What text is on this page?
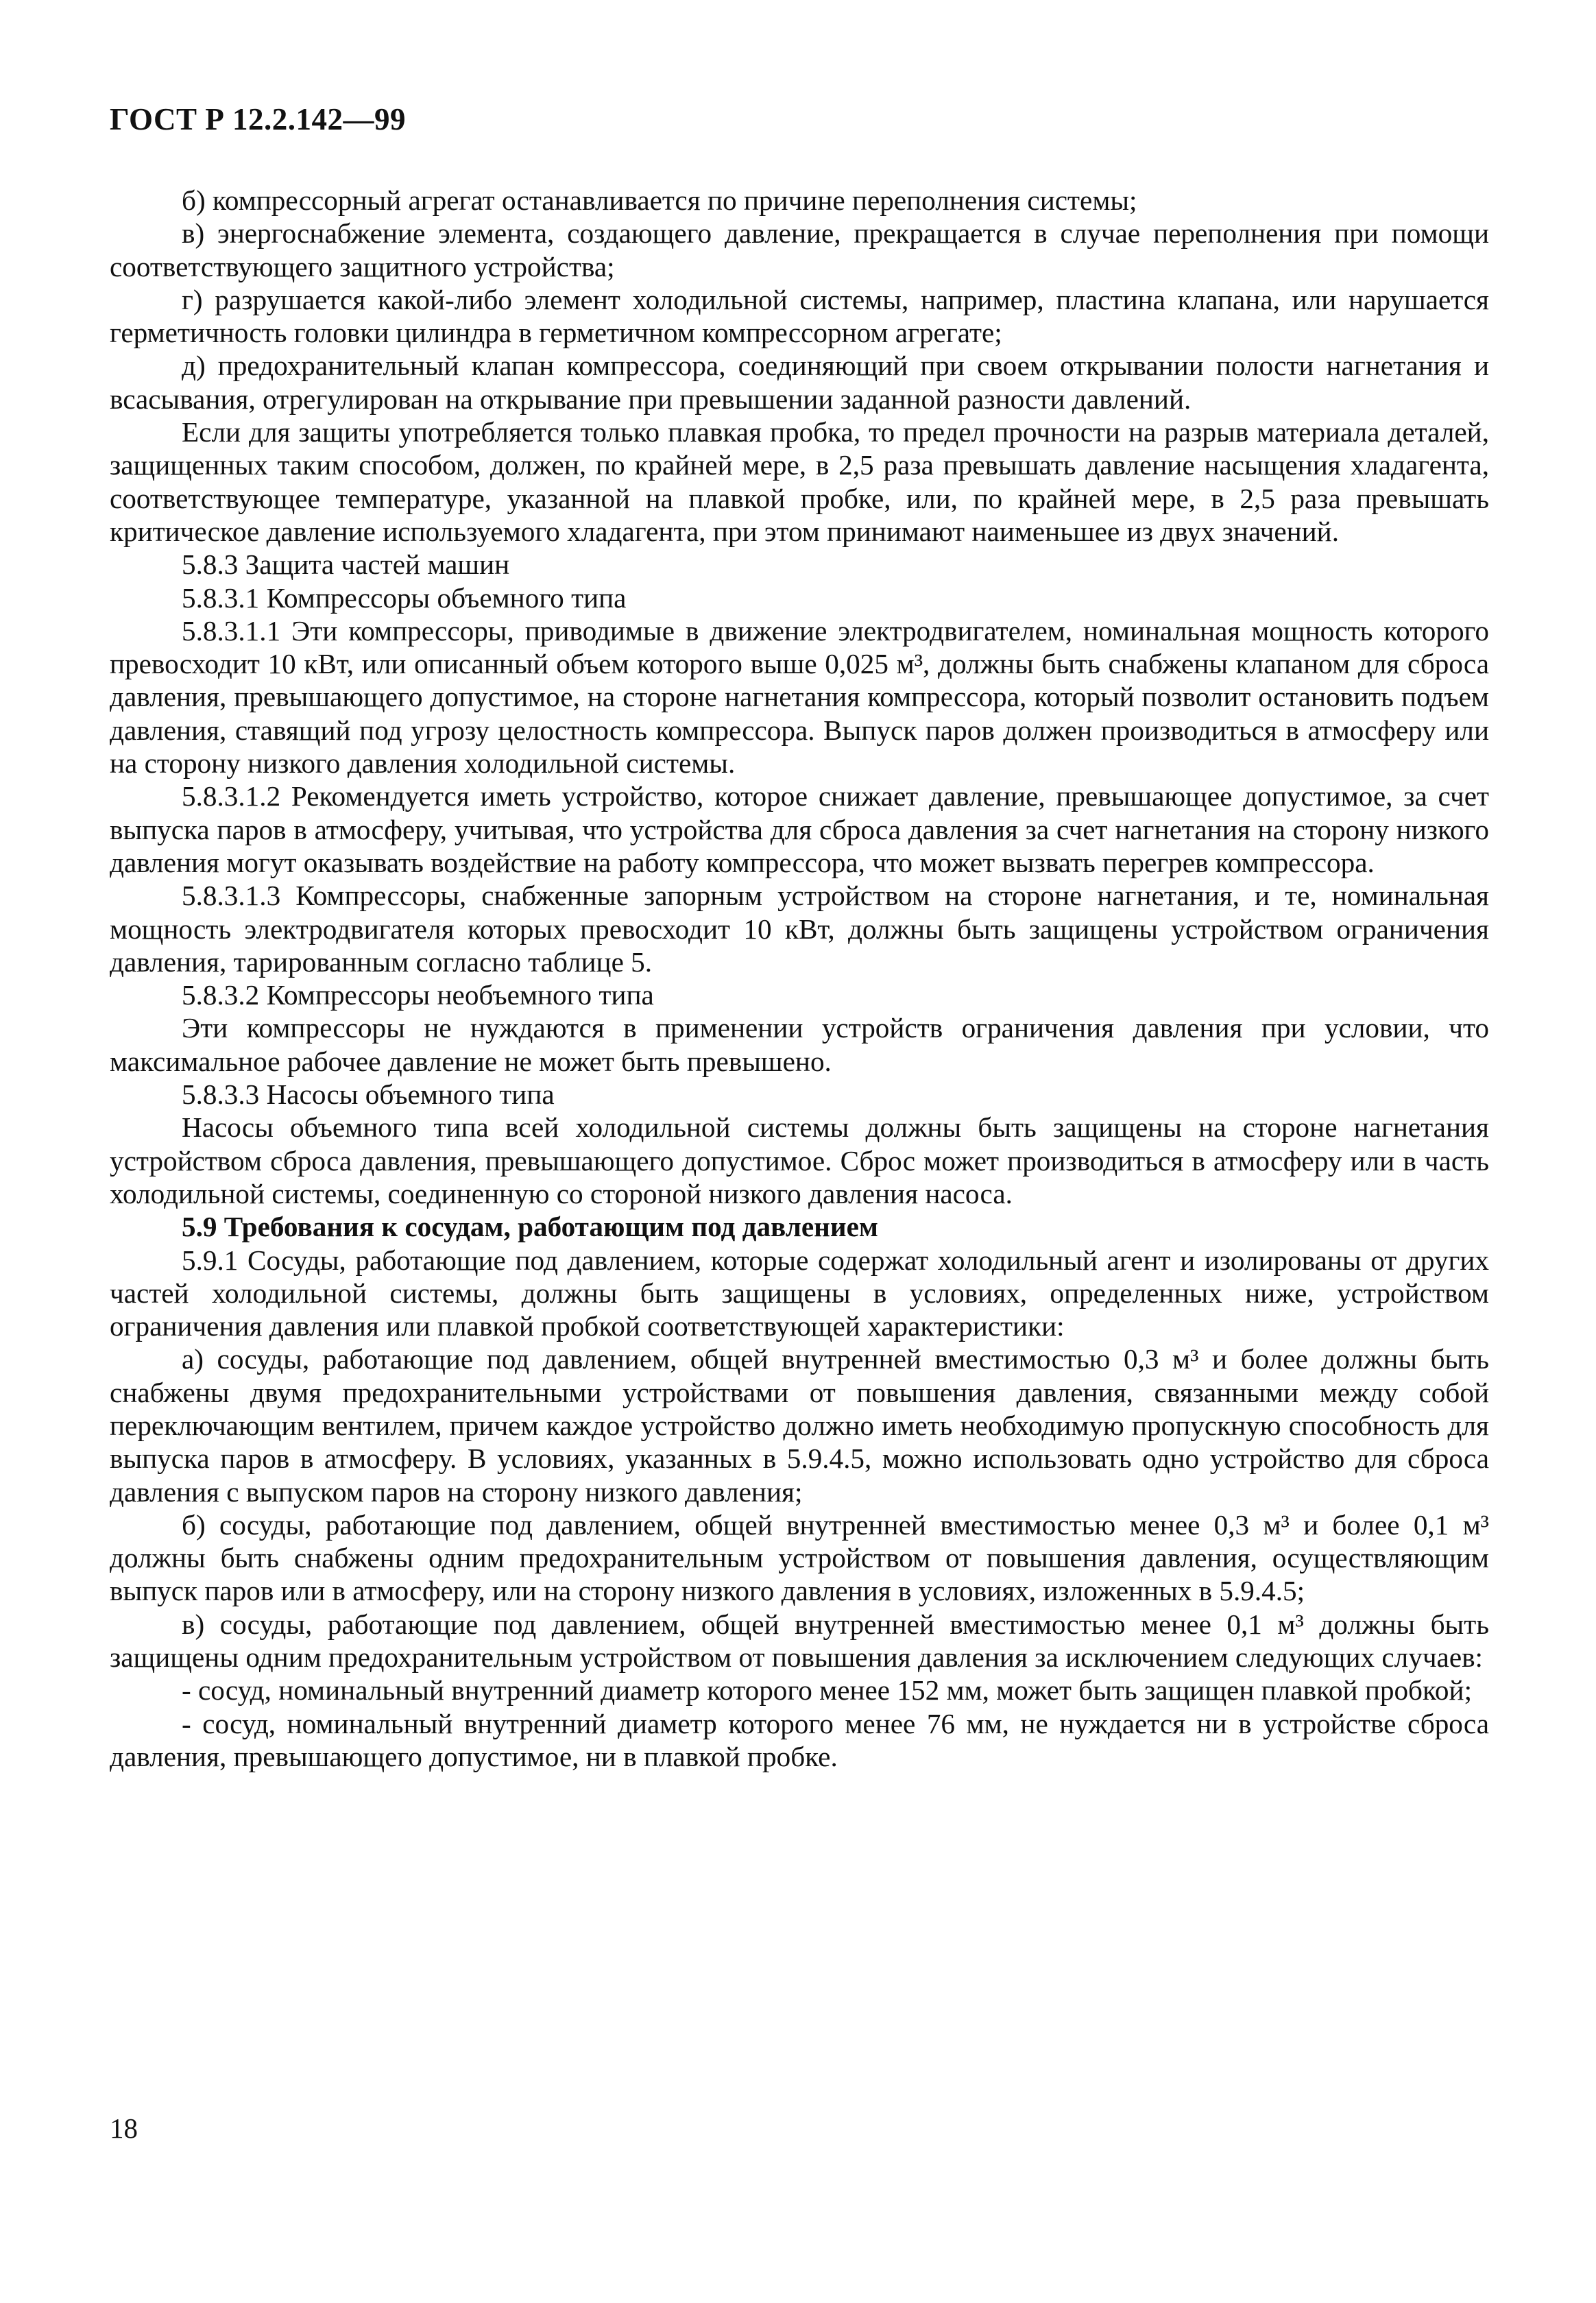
ГОСТ Р 12.2.142—99

б) компрессорный агрегат останавливается по причине переполнения системы;

в) энергоснабжение элемента, создающего давление, прекращается в случае переполнения при помощи соответствующего защитного устройства;

г) разрушается какой-либо элемент холодильной системы, например, пластина клапана, или нарушается герметичность головки цилиндра в герметичном компрессорном агрегате;

д) предохранительный клапан компрессора, соединяющий при своем открывании полости нагнетания и всасывания, отрегулирован на открывание при превышении заданной разности давлений.

Если для защиты употребляется только плавкая пробка, то предел прочности на разрыв материала деталей, защищенных таким способом, должен, по крайней мере, в 2,5 раза превышать давление насыщения хладагента, соответствующее температуре, указанной на плавкой пробке, или, по крайней мере, в 2,5 раза превышать критическое давление используемого хладагента, при этом принимают наименьшее из двух значений.

5.8.3 Защита частей машин

5.8.3.1 Компрессоры объемного типа

5.8.3.1.1 Эти компрессоры, приводимые в движение электродвигателем, номинальная мощность которого превосходит 10 кВт, или описанный объем которого выше 0,025 м³, должны быть снабжены клапаном для сброса давления, превышающего допустимое, на стороне нагнетания компрессора, который позволит остановить подъем давления, ставящий под угрозу целостность компрессора. Выпуск паров должен производиться в атмосферу или на сторону низкого давления холодильной системы.

5.8.3.1.2 Рекомендуется иметь устройство, которое снижает давление, превышающее допустимое, за счет выпуска паров в атмосферу, учитывая, что устройства для сброса давления за счет нагнетания на сторону низкого давления могут оказывать воздействие на работу компрессора, что может вызвать перегрев компрессора.

5.8.3.1.3 Компрессоры, снабженные запорным устройством на стороне нагнетания, и те, номинальная мощность электродвигателя которых превосходит 10 кВт, должны быть защищены устройством ограничения давления, тарированным согласно таблице 5.

5.8.3.2 Компрессоры необъемного типа

Эти компрессоры не нуждаются в применении устройств ограничения давления при условии, что максимальное рабочее давление не может быть превышено.

5.8.3.3 Насосы объемного типа

Насосы объемного типа всей холодильной системы должны быть защищены на стороне нагнетания устройством сброса давления, превышающего допустимое. Сброс может производиться в атмосферу или в часть холодильной системы, соединенную со стороной низкого давления насоса.

5.9 Требования к сосудам, работающим под давлением

5.9.1 Сосуды, работающие под давлением, которые содержат холодильный агент и изолированы от других частей холодильной системы, должны быть защищены в условиях, определенных ниже, устройством ограничения давления или плавкой пробкой соответствующей характеристики:

а) сосуды, работающие под давлением, общей внутренней вместимостью 0,3 м³ и более должны быть снабжены двумя предохранительными устройствами от повышения давления, связанными между собой переключающим вентилем, причем каждое устройство должно иметь необходимую пропускную способность для выпуска паров в атмосферу. В условиях, указанных в 5.9.4.5, можно использовать одно устройство для сброса давления с выпуском паров на сторону низкого давления;

б) сосуды, работающие под давлением, общей внутренней вместимостью менее 0,3 м³ и более 0,1 м³ должны быть снабжены одним предохранительным устройством от повышения давления, осуществляющим выпуск паров или в атмосферу, или на сторону низкого давления в условиях, изложенных в 5.9.4.5;

в) сосуды, работающие под давлением, общей внутренней вместимостью менее 0,1 м³ должны быть защищены одним предохранительным устройством от повышения давления за исключением следующих случаев:

- сосуд, номинальный внутренний диаметр которого менее 152 мм, может быть защищен плавкой пробкой;

- сосуд, номинальный внутренний диаметр которого менее 76 мм, не нуждается ни в устройстве сброса давления, превышающего допустимое, ни в плавкой пробке.

18
